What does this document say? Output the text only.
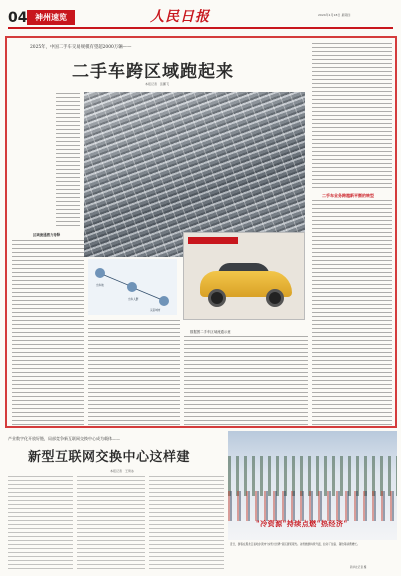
04 神州速览	人民日报	2024年1月18日 星期四
2025年，中国二手车交易规模有望超2000万辆——
二手车跨区域跑起来
本报记者　张鹏飞
二手车业务跨越新平衡的转型
区域流通潜力待释
出车地
出车人群
买家城市
数据图二手车区域流通示意
产业数字化开放好链，局部竞争新互联网交换中心成为载体——
新型互联网交换中心这样建
本报记者　王琦冰
"冷资源"持续点燃"热经济"
近日，游客在黑龙江省哈尔滨市"冰雪大世界"景区游览观光。冰雪旅游持续升温，拉动了住宿、餐饮等消费增长。
新华社记者 摄
